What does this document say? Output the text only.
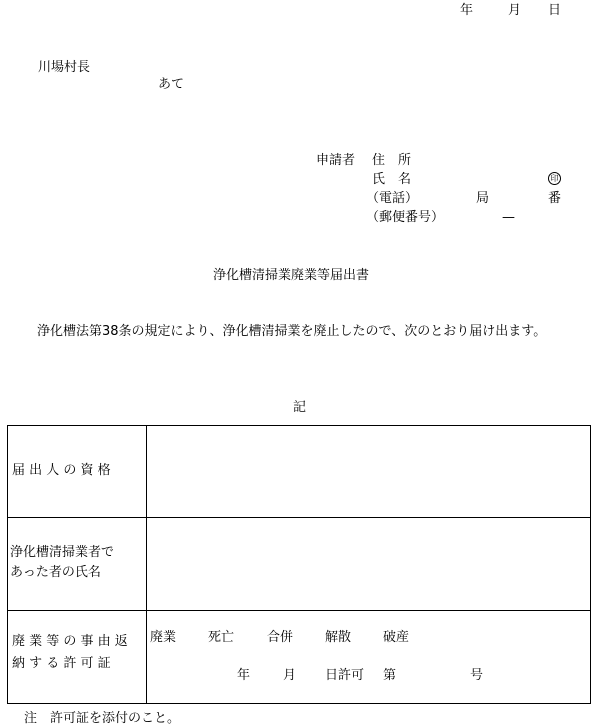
年	月 日
川場村長
あて
申請者 住　所
氏　名	印
（電話）	局	番
（郵便番号）	—
浄化槽清掃業廃業等届出書
浄化槽法第38条の規定により、浄化槽清掃業を廃止したので、次のとおり届け出ます。
記
届 出 人 の 資 格
浄化槽清掃業者で
あった者の氏名
廃 業 等 の 事 由 返
納 す る 許 可 証
廃業 死亡	合併 解散 破産
年	月 日許可 第	号
注　許可証を添付のこと。
